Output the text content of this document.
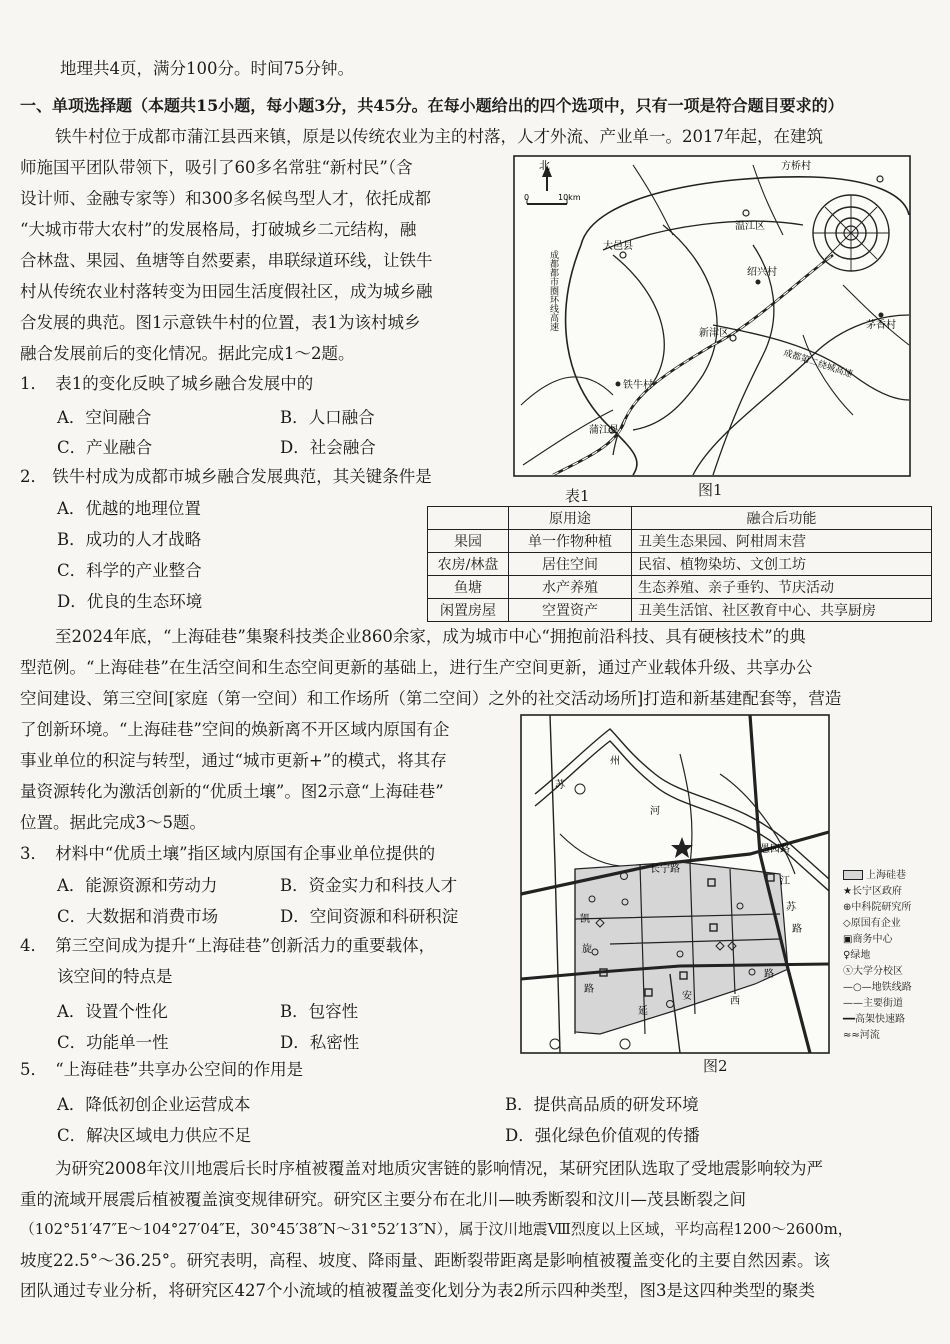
地理共4页，满分100分。时间75分钟。
一、单项选择题（本题共15小题，每小题3分，共45分。在每小题给出的四个选项中，只有一项是符合题目要求的）
铁牛村位于成都市蒲江县西来镇，原是以传统农业为主的村落，人才外流、产业单一。2017年起，在建筑
师施国平团队带领下，吸引了60多名常驻“新村民”（含
设计师、金融专家等）和300多名候鸟型人才，依托成都
“大城市带大农村”的发展格局，打破城乡二元结构，融
合林盘、果园、鱼塘等自然要素，串联绿道环线，让铁牛
村从传统农业村落转变为田园生活度假社区，成为城乡融
合发展的典范。图1示意铁牛村的位置，表1为该村城乡
融合发展前后的变化情况。据此完成1～2题。
北
0	10km
方桥村
温江区
大邑县
绍兴村
新津区
茅香村
铁牛村
蒲江县
成都都市圈环线高速
成都第二绕城高速
图1
1．　表1的变化反映了城乡融合发展中的
A．空间融合	B．人口融合
C．产业融合	D．社会融合
2． 铁牛村成为成都市城乡融合发展典范，其关键条件是
A．优越的地理位置
B．成功的人才战略
C．科学的产业整合
D．优良的生态环境
表1
	原用途	融合后功能
果园	单一作物种植	丑美生态果园、阿柑周末营
农房/林盘	居住空间	民宿、植物染坊、文创工坊
鱼塘	水产养殖	生态养殖、亲子垂钓、节庆活动
闲置房屋	空置资产	丑美生活馆、社区教育中心、共享厨房
至2024年底，“上海硅巷”集聚科技类企业860余家，成为城市中心“拥抱前沿科技、具有硬核技术”的典
型范例。“上海硅巷”在生活空间和生态空间更新的基础上，进行生产空间更新，通过产业载体升级、共享办公
空间建设、第三空间[家庭（第一空间）和工作场所（第二空间）之外的社交活动场所]打造和新基建配套等，营造
了创新环境。“上海硅巷”空间的焕新离不开区域内原国有企
事业单位的积淀与转型，通过“城市更新+”的模式，将其存
量资源转化为激活创新的“优质土壤”。图2示意“上海硅巷”
位置。据此完成3～5题。
苏
州
河
长宁路
愚园路
江
苏
路
凯
旋
路
延
安	西
路
图2
上海硅巷
★长宁区政府
⊕中科院研究所
◇原国有企业
▣商务中心
♀绿地
ⓧ大学分校区
—○—地铁线路
——主要街道
━━高架快速路
≈≈河流
3．　材料中“优质土壤”指区域内原国有企事业单位提供的
A．能源资源和劳动力	B．资金实力和科技人才
C．大数据和消费市场	D．空间资源和科研积淀
4．　第三空间成为提升“上海硅巷”创新活力的重要载体，
该空间的特点是
A．设置个性化	B．包容性
C．功能单一性	D．私密性
5．　“上海硅巷”共享办公空间的作用是
A．降低初创企业运营成本	B．提供高品质的研发环境
C．解决区域电力供应不足	D．强化绿色价值观的传播
为研究2008年汶川地震后长时序植被覆盖对地质灾害链的影响情况，某研究团队选取了受地震影响较为严
重的流域开展震后植被覆盖演变规律研究。研究区主要分布在北川—映秀断裂和汶川—茂县断裂之间
（102°51′47″E～104°27′04″E，30°45′38″N～31°52′13″N），属于汶川地震Ⅷ烈度以上区域，平均高程1200～2600m，
坡度22.5°～36.25°。研究表明，高程、坡度、降雨量、距断裂带距离是影响植被覆盖变化的主要自然因素。该
团队通过专业分析，将研究区427个小流域的植被覆盖变化划分为表2所示四种类型，图3是这四种类型的聚类
